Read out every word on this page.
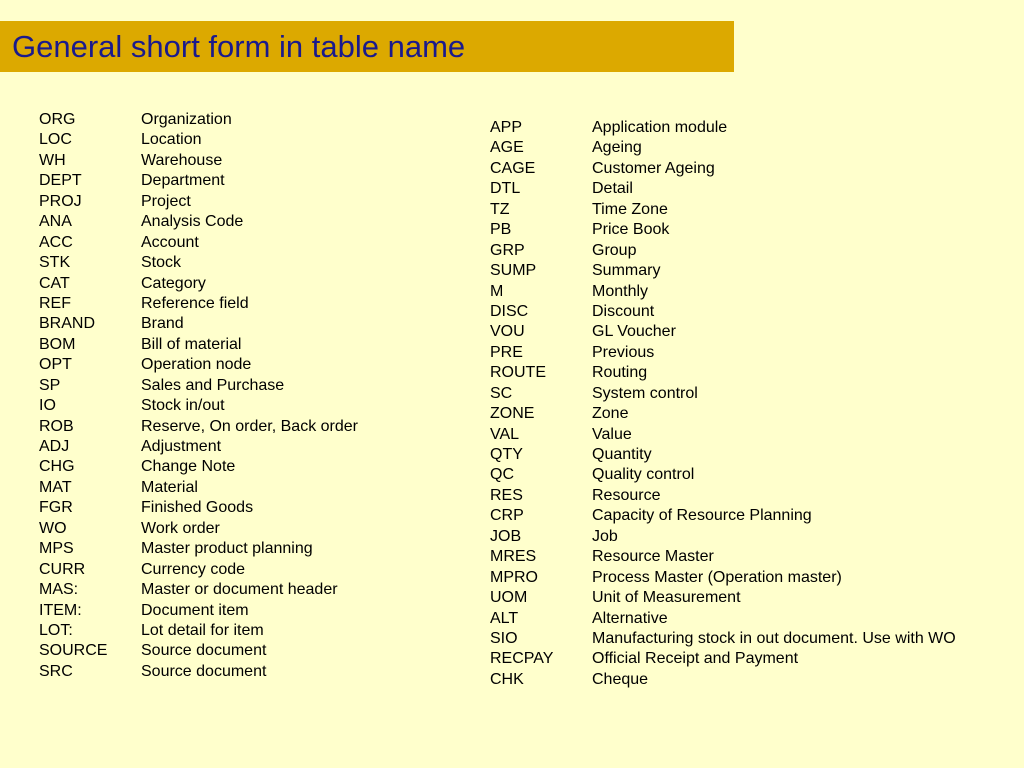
General short form in table name
ORG	Organization
LOC	Location
WH	Warehouse
DEPT	Department
PROJ	Project
ANA	Analysis Code
ACC	Account
STK	Stock
CAT	Category
REF	Reference field
BRAND	Brand
BOM	Bill of material
OPT	Operation node
SP	Sales and Purchase
IO	Stock in/out
ROB	Reserve, On order, Back order
ADJ	Adjustment
CHG	Change Note
MAT	Material
FGR	Finished Goods
WO	Work order
MPS	Master product planning
CURR	Currency code
MAS:	Master or document header
ITEM:	Document item
LOT:	Lot detail for item
SOURCE Source document
SRC	Source document
APP	Application module
AGE	Ageing
CAGE	Customer Ageing
DTL	Detail
TZ	Time Zone
PB	Price Book
GRP	Group
SUMP	Summary
M	Monthly
DISC	Discount
VOU	GL Voucher
PRE	Previous
ROUTE	Routing
SC	System control
ZONE	Zone
VAL	Value
QTY	Quantity
QC	Quality control
RES	Resource
CRP	Capacity of Resource Planning
JOB	Job
MRES	Resource Master
MPRO	Process Master (Operation master)
UOM	Unit of Measurement
ALT	Alternative
SIO	Manufacturing stock in out document. Use with WO
RECPAY Official Receipt and Payment
CHK	Cheque
